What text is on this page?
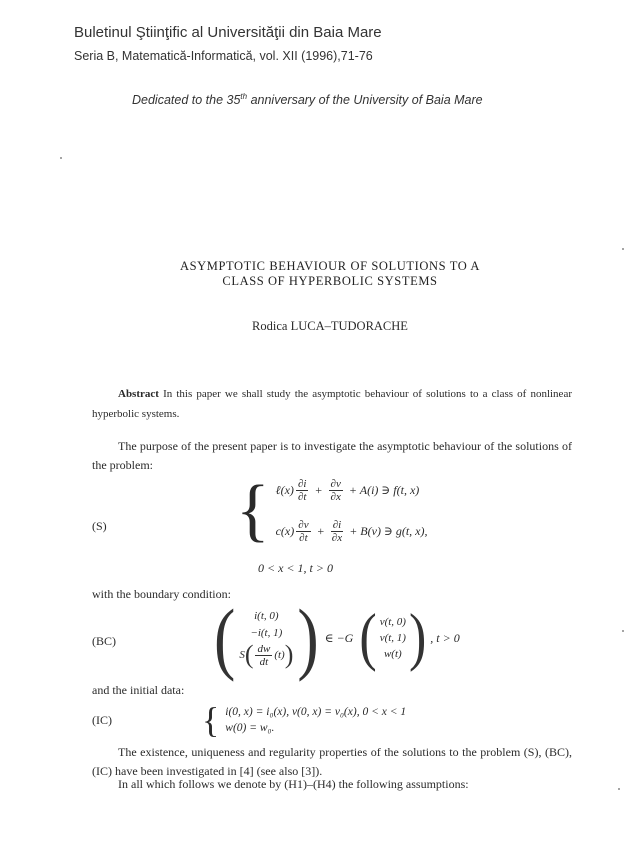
Buletinul Ştiinţific al Universităţii din Baia Mare
Seria B, Matematică-Informatică, vol. XII (1996),71-76
Dedicated to the 35th anniversary of the University of Baia Mare
ASYMPTOTIC BEHAVIOUR OF SOLUTIONS TO A
CLASS OF HYPERBOLIC SYSTEMS
Rodica LUCA–TUDORACHE
Abstract In this paper we shall study the asymptotic behaviour of solutions to a class of nonlinear hyperbolic systems.
The purpose of the present paper is to investigate the asymptotic behaviour of the solutions of the problem:
(S) { ℓ(x) $\frac{\partial i}{\partial t} + \frac{\partial v}{\partial x} + A(i)$ ∋ f(t, x)
$c(x) \frac{\partial v}{\partial t} + \frac{\partial i}{\partial x} + B(v)$ ∋ g(t, x),
0 < x < 1, t > 0
with the boundary condition:
(BC) ( i(t, 0)
−i(t, 1)
S ( $\frac{dw}{dt} (t)$ ) ) ∈ −G ( v(t, 0)
v(t, 1)
w(t) ) , t > 0
and the initial data:
(IC)	{ i(0, x) = i₀(x), v(0, x) = v₀(x), 0 < x < 1
w(0) = w₀.
The existence, uniqueness and regularity properties of the solutions to the problem (S), (BC), (IC) have been investigated in [4] (see also [3]).
In all which follows we denote by (H1)–(H4) the following assumptions:
